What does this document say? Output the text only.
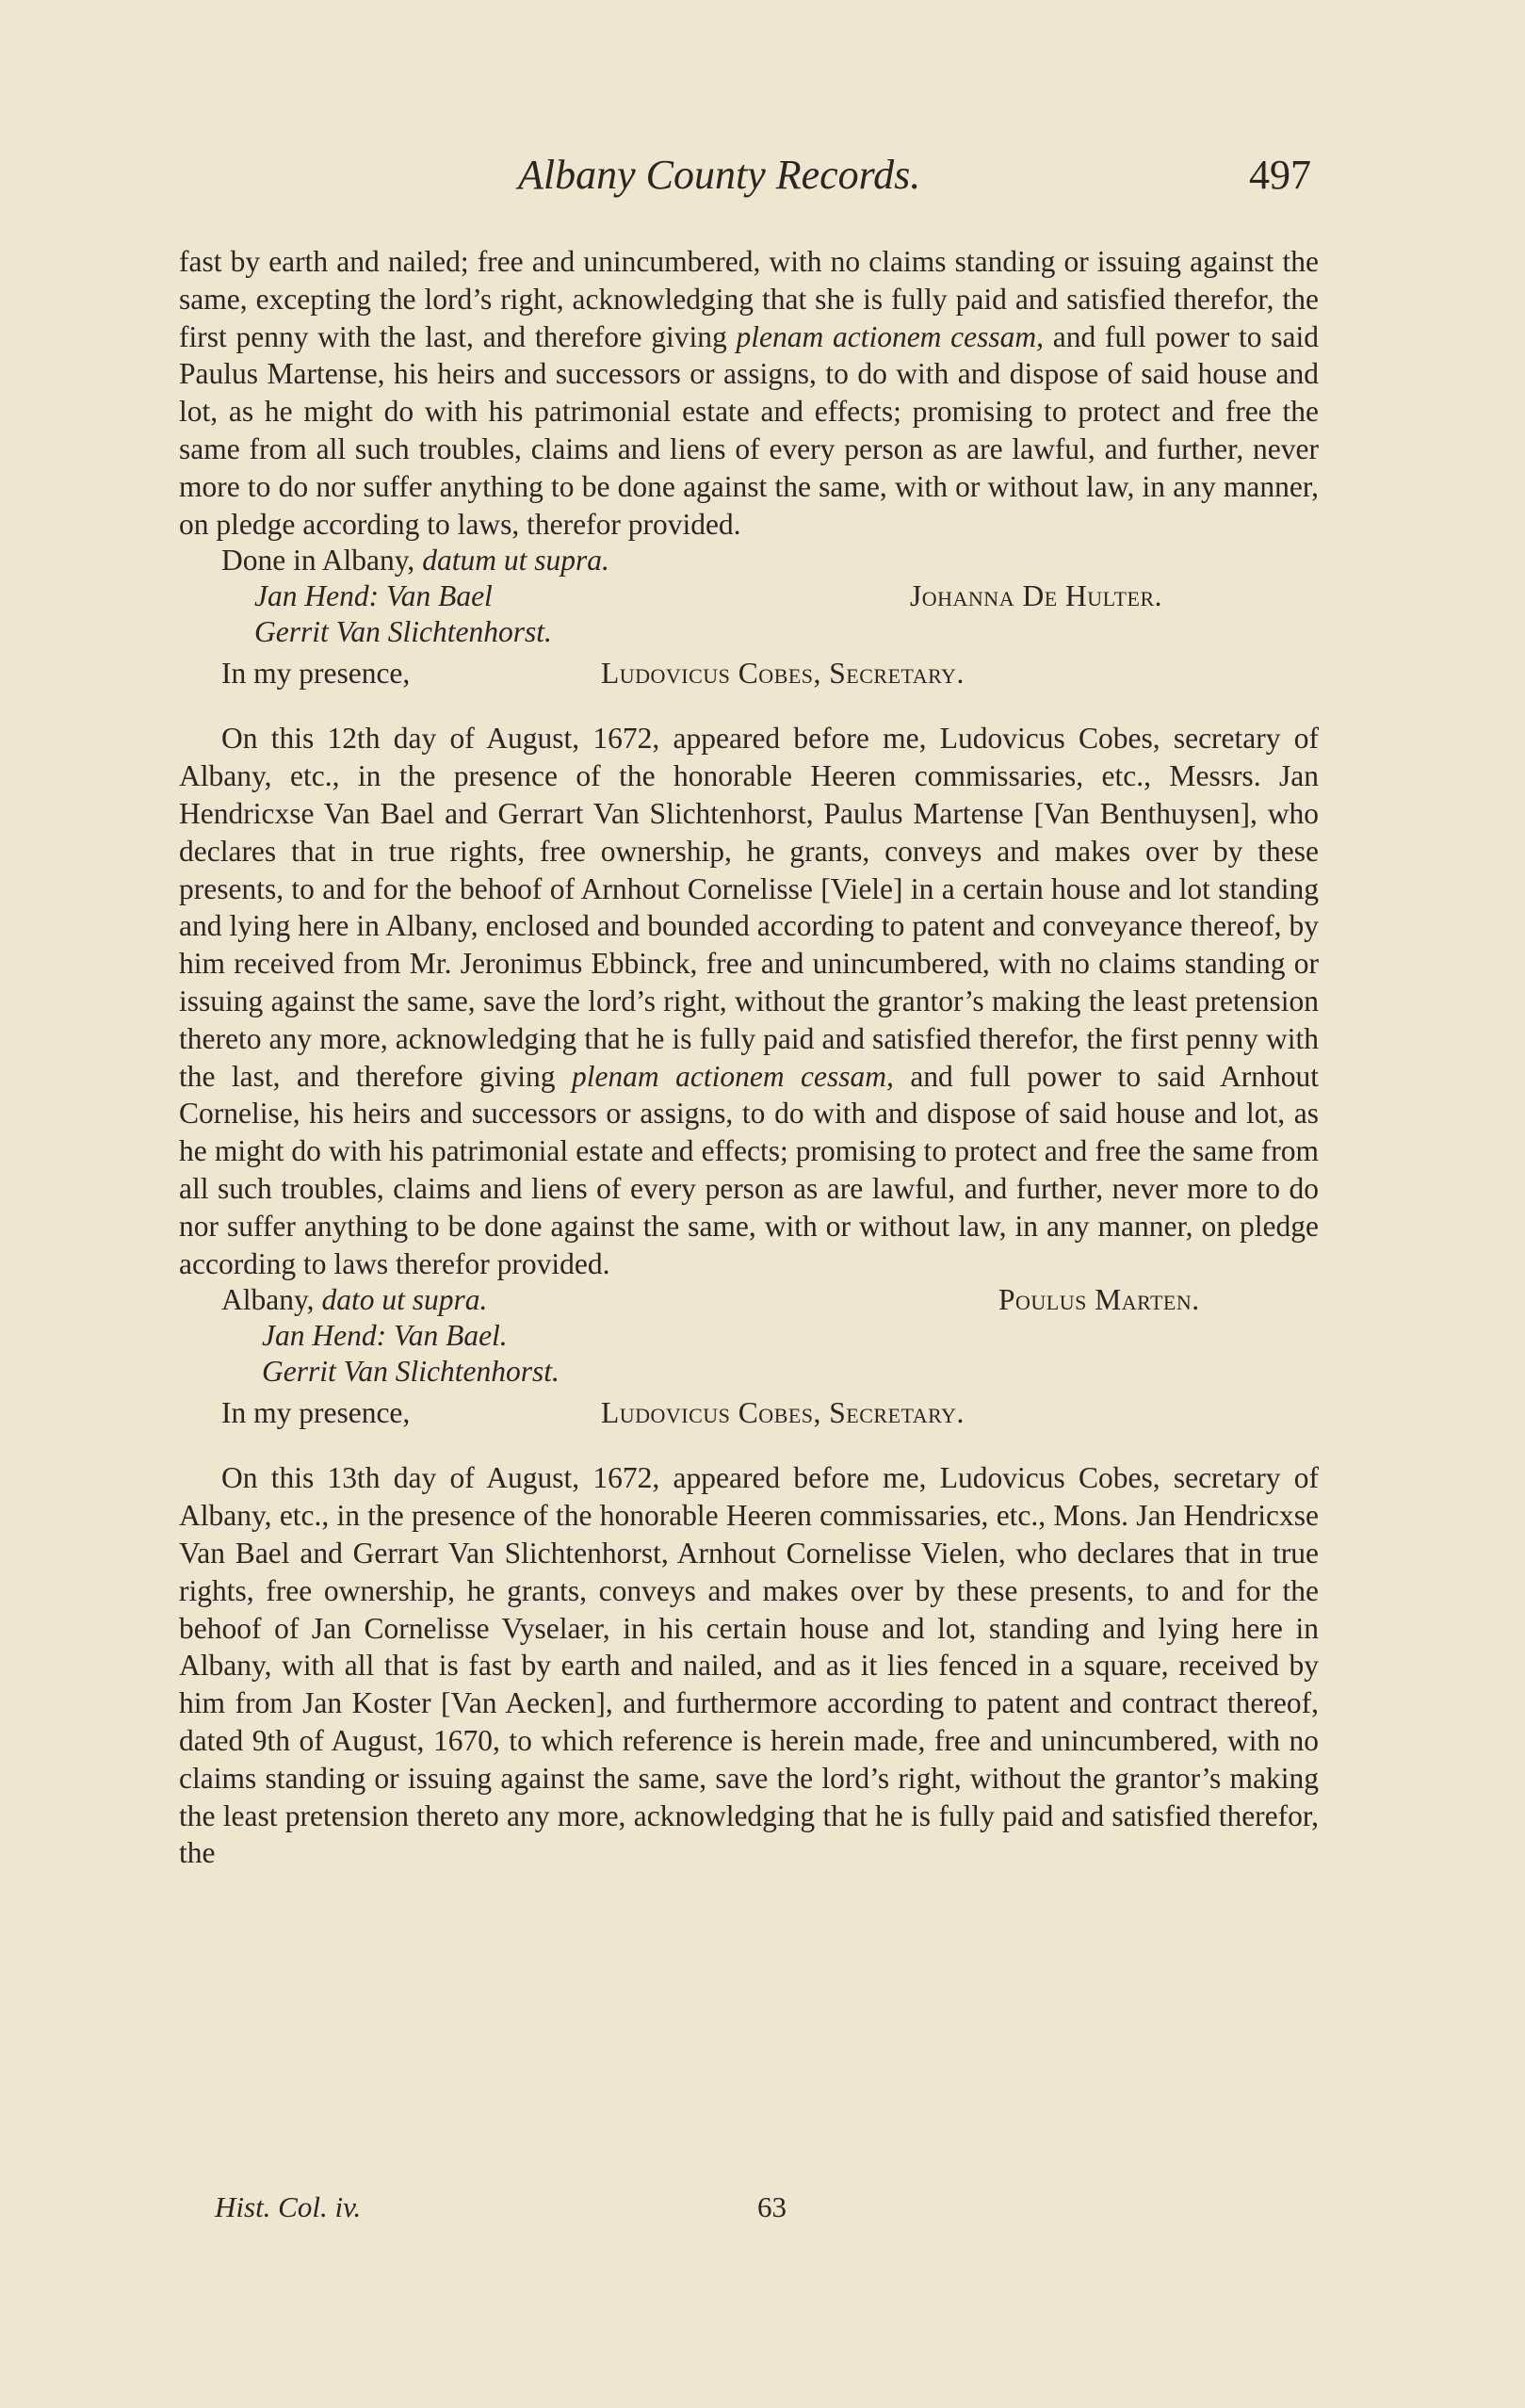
Albany County Records.	497

fast by earth and nailed; free and unincumbered, with no claims standing or issuing against the same, excepting the lord’s right, acknowledging that she is fully paid and satisfied therefor, the first penny with the last, and therefore giving plenam actionem cessam, and full power to said Paulus Martense, his heirs and successors or assigns, to do with and dispose of said house and lot, as he might do with his patrimonial estate and effects; promising to protect and free the same from all such troubles, claims and liens of every person as are lawful, and further, never more to do nor suffer anything to be done against the same, with or without law, in any manner, on pledge according to laws, therefor provided.

Done in Albany, datum ut supra.
Jan Hend: Van Bael	Johanna De Hulter.
Gerrit Van Slichtenhorst.
In my presence,	Ludovicus Cobes, Secretary.

On this 12th day of August, 1672, appeared before me, Ludovicus Cobes, secretary of Albany, etc., in the presence of the honorable Heeren commissaries, etc., Messrs. Jan Hendricxse Van Bael and Gerrart Van Slichtenhorst, Paulus Martense [Van Benthuysen], who declares that in true rights, free ownership, he grants, conveys and makes over by these presents, to and for the behoof of Arnhout Cornelisse [Viele] in a certain house and lot standing and lying here in Albany, enclosed and bounded according to patent and conveyance thereof, by him received from Mr. Jeronimus Ebbinck, free and unincumbered, with no claims standing or issuing against the same, save the lord’s right, without the grantor’s making the least pretension thereto any more, acknowledging that he is fully paid and satisfied therefor, the first penny with the last, and therefore giving plenam actionem cessam, and full power to said Arnhout Cornelise, his heirs and successors or assigns, to do with and dispose of said house and lot, as he might do with his patrimonial estate and effects; promising to protect and free the same from all such troubles, claims and liens of every person as are lawful, and further, never more to do nor suffer anything to be done against the same, with or without law, in any manner, on pledge according to laws therefor provided.

Albany, dato ut supra.	Poulus Marten.
Jan Hend: Van Bael.
Gerrit Van Slichtenhorst.
In my presence,	Ludovicus Cobes, Secretary.

On this 13th day of August, 1672, appeared before me, Ludovicus Cobes, secretary of Albany, etc., in the presence of the honorable Heeren commissaries, etc., Mons. Jan Hendricxse Van Bael and Gerrart Van Slichtenhorst, Arnhout Cornelisse Vielen, who declares that in true rights, free ownership, he grants, conveys and makes over by these presents, to and for the behoof of Jan Cornelisse Vyselaer, in his certain house and lot, standing and lying here in Albany, with all that is fast by earth and nailed, and as it lies fenced in a square, received by him from Jan Koster [Van Aecken], and furthermore according to patent and contract thereof, dated 9th of August, 1670, to which reference is herein made, free and unincumbered, with no claims standing or issuing against the same, save the lord’s right, without the grantor’s making the least pretension thereto any more, acknowledging that he is fully paid and satisfied therefor, the

Hist. Col. iv.	63
